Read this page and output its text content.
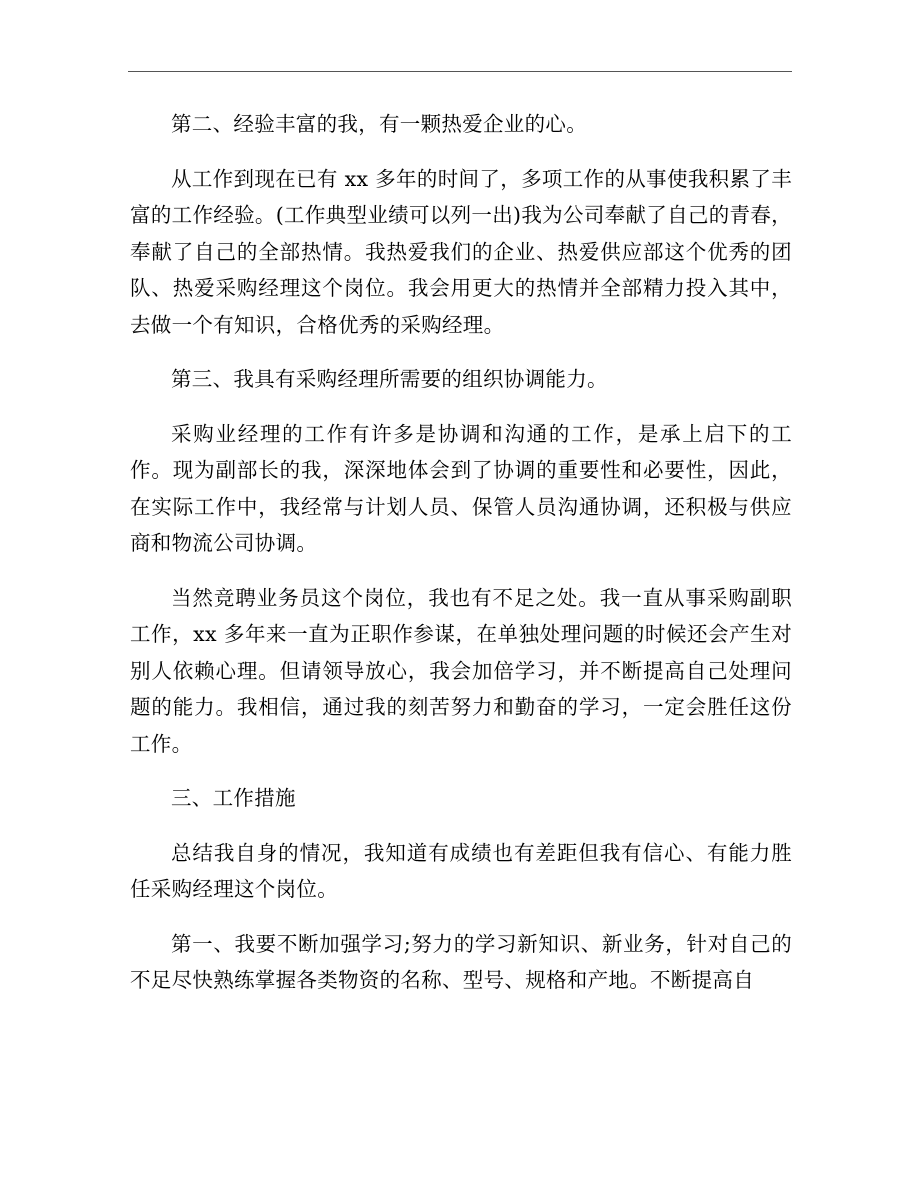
第二、经验丰富的我，有一颗热爱企业的心。

从工作到现在已有 xx 多年的时间了，多项工作的从事使我积累了丰富的工作经验。(工作典型业绩可以列一出)我为公司奉献了自己的青春，奉献了自己的全部热情。我热爱我们的企业、热爱供应部这个优秀的团队、热爱采购经理这个岗位。我会用更大的热情并全部精力投入其中，去做一个有知识，合格优秀的采购经理。

第三、我具有采购经理所需要的组织协调能力。

采购业经理的工作有许多是协调和沟通的工作，是承上启下的工作。现为副部长的我，深深地体会到了协调的重要性和必要性，因此，在实际工作中，我经常与计划人员、保管人员沟通协调，还积极与供应商和物流公司协调。

当然竞聘业务员这个岗位，我也有不足之处。我一直从事采购副职工作，xx 多年来一直为正职作参谋，在单独处理问题的时候还会产生对别人依赖心理。但请领导放心，我会加倍学习，并不断提高自己处理问题的能力。我相信，通过我的刻苦努力和勤奋的学习，一定会胜任这份工作。

三、工作措施

总结我自身的情况，我知道有成绩也有差距但我有信心、有能力胜任采购经理这个岗位。

第一、我要不断加强学习;努力的学习新知识、新业务，针对自己的不足尽快熟练掌握各类物资的名称、型号、规格和产地。不断提高自
